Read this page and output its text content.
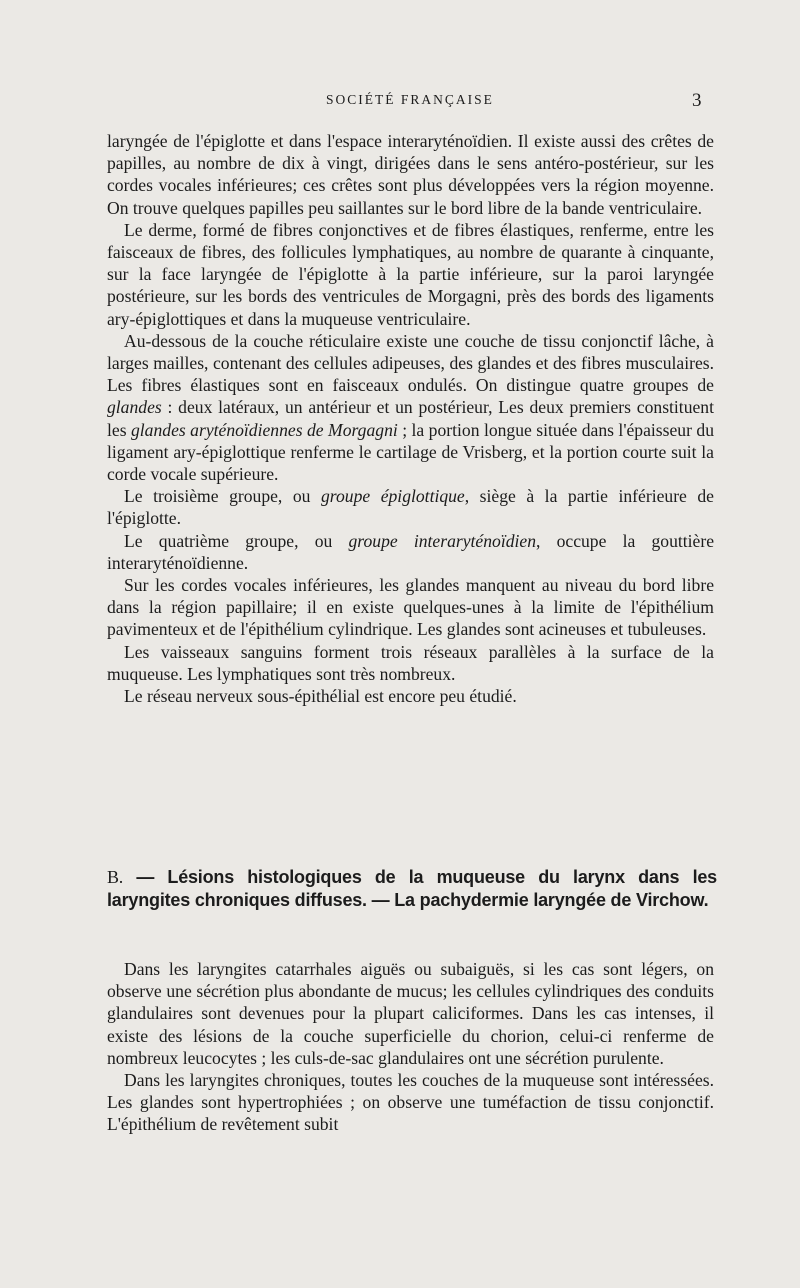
SOCIÉTÉ FRANÇAISE	3

laryngée de l'épiglotte et dans l'espace interaryténoïdien. Il existe aussi des crêtes de papilles, au nombre de dix à vingt, dirigées dans le sens antéro-postérieur, sur les cordes vocales inférieures; ces crêtes sont plus développées vers la région moyenne. On trouve quelques papilles peu saillantes sur le bord libre de la bande ventriculaire.

Le derme, formé de fibres conjonctives et de fibres élastiques, renferme, entre les faisceaux de fibres, des follicules lymphatiques, au nombre de quarante à cinquante, sur la face laryngée de l'épiglotte à la partie inférieure, sur la paroi laryngée postérieure, sur les bords des ventricules de Morgagni, près des bords des ligaments ary-épiglottiques et dans la muqueuse ventriculaire.

Au-dessous de la couche réticulaire existe une couche de tissu conjonctif lâche, à larges mailles, contenant des cellules adipeuses, des glandes et des fibres musculaires. Les fibres élastiques sont en faisceaux ondulés. On distingue quatre groupes de glandes : deux latéraux, un antérieur et un postérieur, Les deux premiers constituent les glandes aryténoïdiennes de Morgagni ; la portion longue située dans l'épaisseur du ligament ary-épiglottique renferme le cartilage de Vrisberg, et la portion courte suit la corde vocale supérieure.

Le troisième groupe, ou groupe épiglottique, siège à la partie inférieure de l'épiglotte.

Le quatrième groupe, ou groupe interaryténoïdien, occupe la gouttière interaryténoïdienne.

Sur les cordes vocales inférieures, les glandes manquent au niveau du bord libre dans la région papillaire; il en existe quelques-unes à la limite de l'épithélium pavimenteux et de l'épithélium cylindrique. Les glandes sont acineuses et tubuleuses.

Les vaisseaux sanguins forment trois réseaux parallèles à la surface de la muqueuse. Les lymphatiques sont très nombreux.

Le réseau nerveux sous-épithélial est encore peu étudié.

B. — Lésions histologiques de la muqueuse du larynx dans les laryngites chroniques diffuses. — La pachydermie laryngée de Virchow.

Dans les laryngites catarrhales aiguës ou subaiguës, si les cas sont légers, on observe une sécrétion plus abondante de mucus; les cellules cylindriques des conduits glandulaires sont devenues pour la plupart caliciformes. Dans les cas intenses, il existe des lésions de la couche superficielle du chorion, celui-ci renferme de nombreux leucocytes ; les culs-de-sac glandulaires ont une sécrétion purulente.

Dans les laryngites chroniques, toutes les couches de la muqueuse sont intéressées. Les glandes sont hypertrophiées ; on observe une tuméfaction de tissu conjonctif. L'épithélium de revêtement subit
